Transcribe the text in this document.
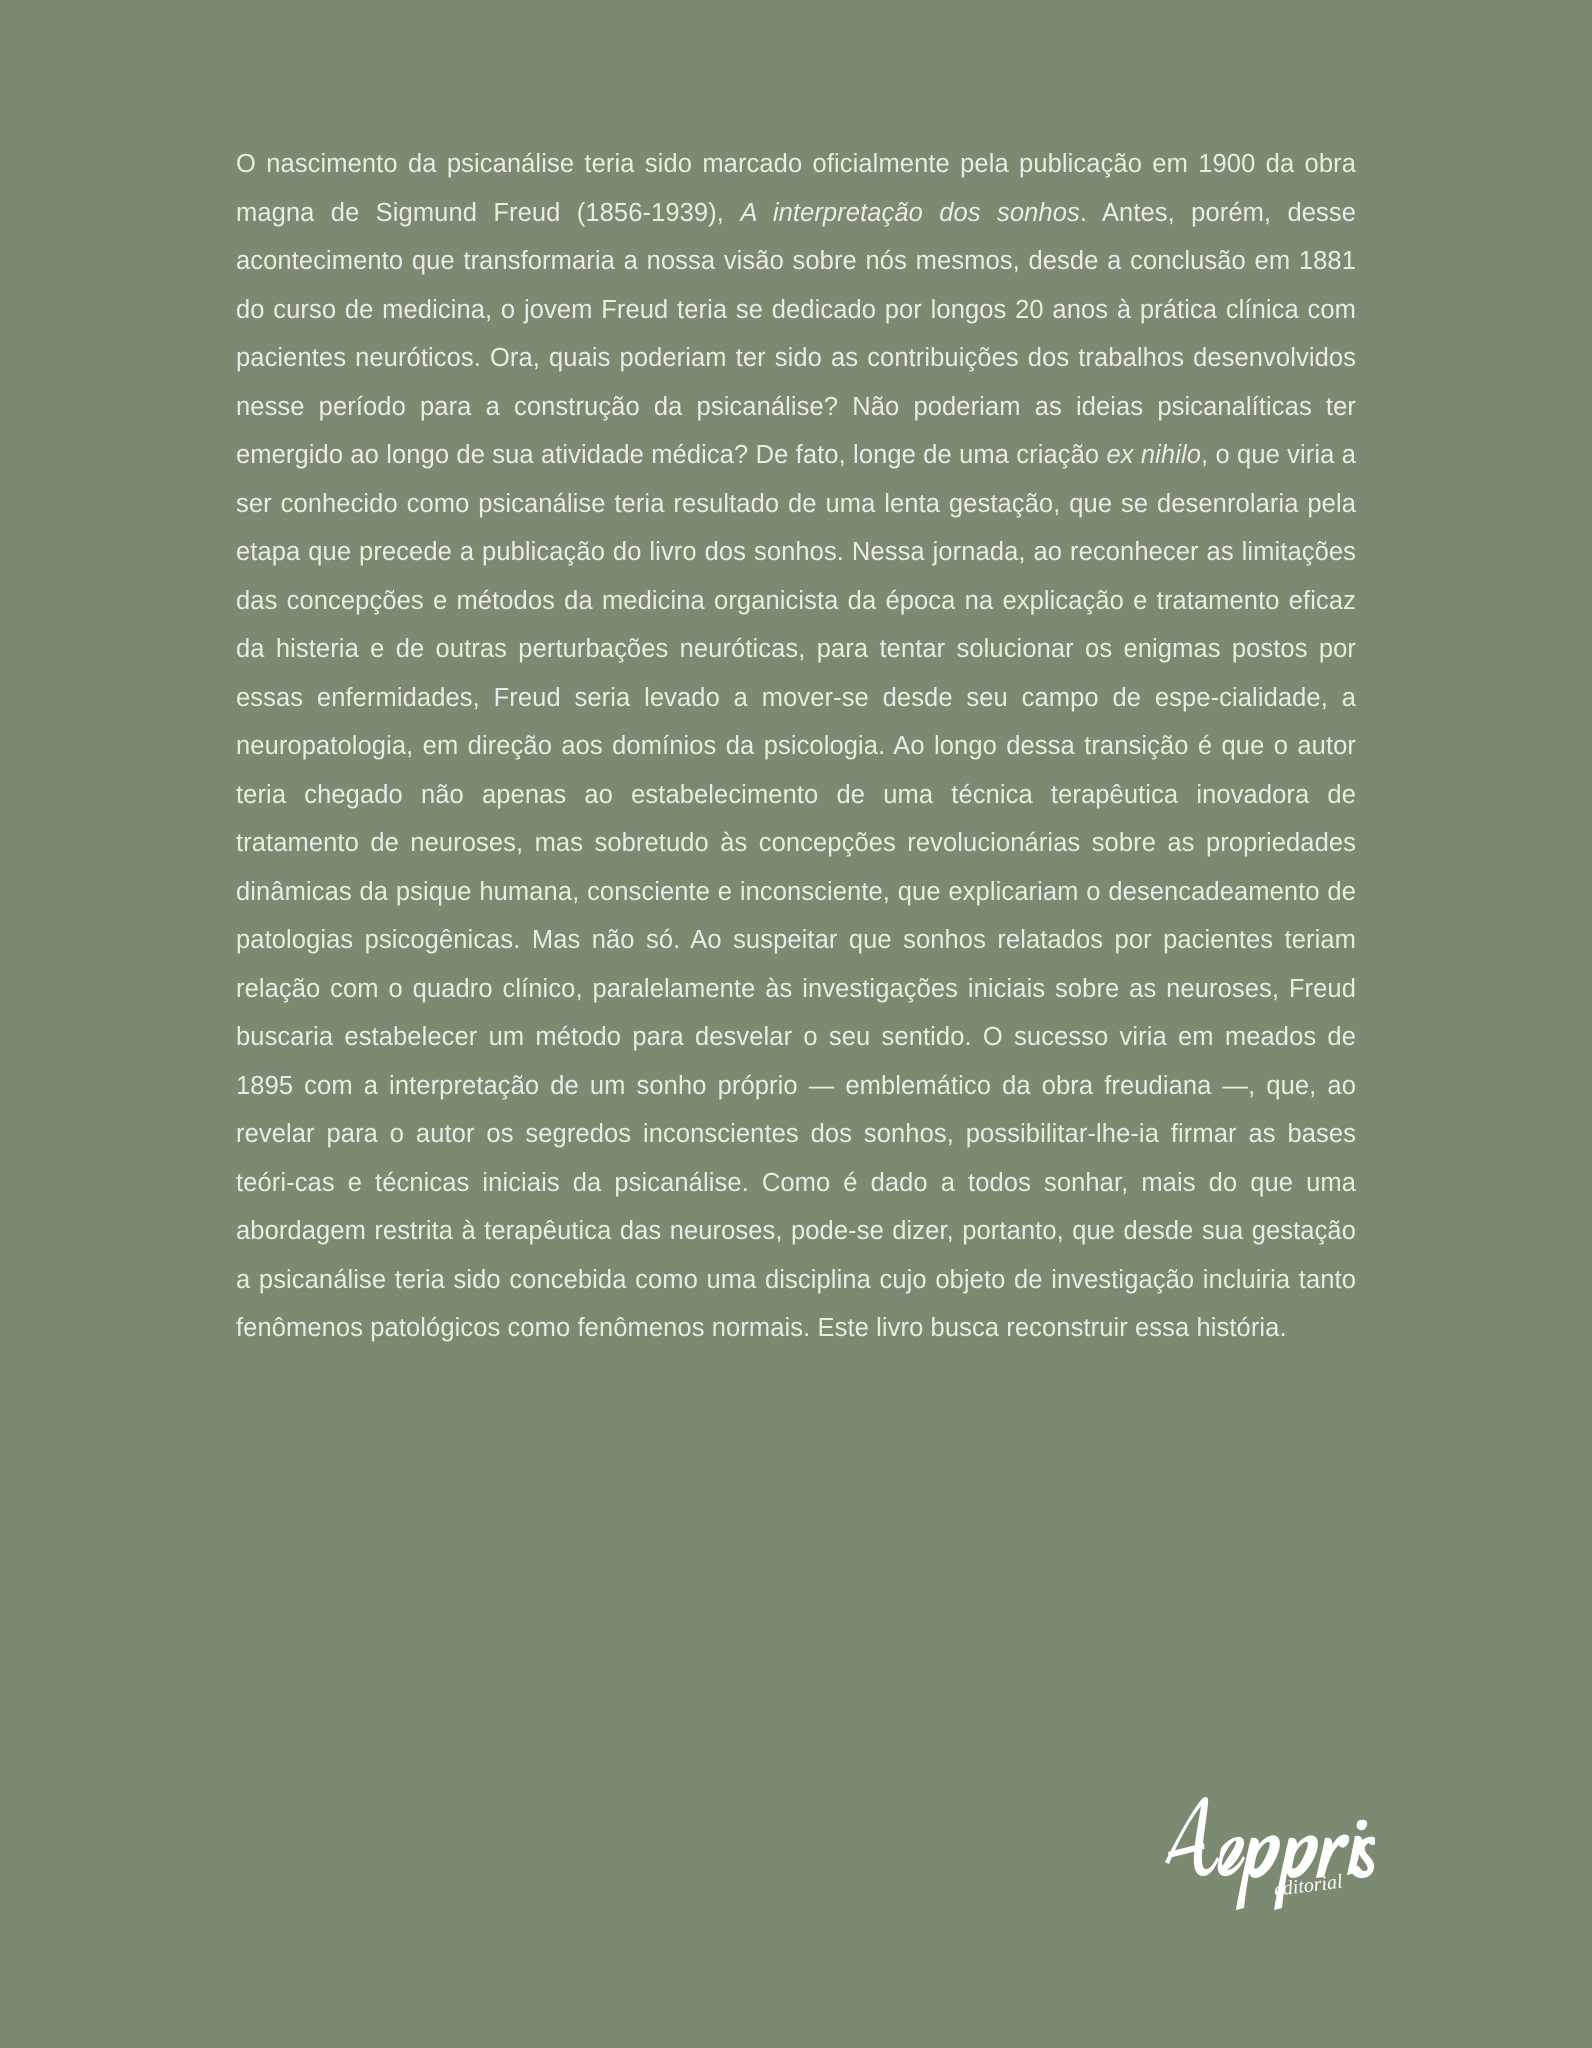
O nascimento da psicanálise teria sido marcado oficialmente pela publicação em 1900 da obra magna de Sigmund Freud (1856-1939), A interpretação dos sonhos. Antes, porém, desse acontecimento que transformaria a nossa visão sobre nós mesmos, desde a conclusão em 1881 do curso de medicina, o jovem Freud teria se dedicado por longos 20 anos à prática clínica com pacientes neuróticos. Ora, quais poderiam ter sido as contribuições dos trabalhos desenvolvidos nesse período para a construção da psicanálise? Não poderiam as ideias psicanalíticas ter emergido ao longo de sua atividade médica? De fato, longe de uma criação ex nihilo, o que viria a ser conhecido como psicanálise teria resultado de uma lenta gestação, que se desenrolaria pela etapa que precede a publicação do livro dos sonhos. Nessa jornada, ao reconhecer as limitações das concepções e métodos da medicina organicista da época na explicação e tratamento eficaz da histeria e de outras perturbações neuróticas, para tentar solucionar os enigmas postos por essas enfermidades, Freud seria levado a mover-se desde seu campo de espe-cialidade, a neuropatologia, em direção aos domínios da psicologia. Ao longo dessa transição é que o autor teria chegado não apenas ao estabelecimento de uma técnica terapêutica inovadora de tratamento de neuroses, mas sobretudo às concepções revolucionárias sobre as propriedades dinâmicas da psique humana, consciente e inconsciente, que explicariam o desencadeamento de patologias psicogênicas. Mas não só. Ao suspeitar que sonhos relatados por pacientes teriam relação com o quadro clínico, paralelamente às investigações iniciais sobre as neuroses, Freud buscaria estabelecer um método para desvelar o seu sentido. O sucesso viria em meados de 1895 com a interpretação de um sonho próprio — emblemático da obra freudiana —, que, ao revelar para o autor os segredos inconscientes dos sonhos, possibilitar-lhe-ia firmar as bases teóri-cas e técnicas iniciais da psicanálise. Como é dado a todos sonhar, mais do que uma abordagem restrita à terapêutica das neuroses, pode-se dizer, portanto, que desde sua gestação a psicanálise teria sido concebida como uma disciplina cujo objeto de investigação incluiria tanto fenômenos patológicos como fenômenos normais. Este livro busca reconstruir essa história.

editorial
